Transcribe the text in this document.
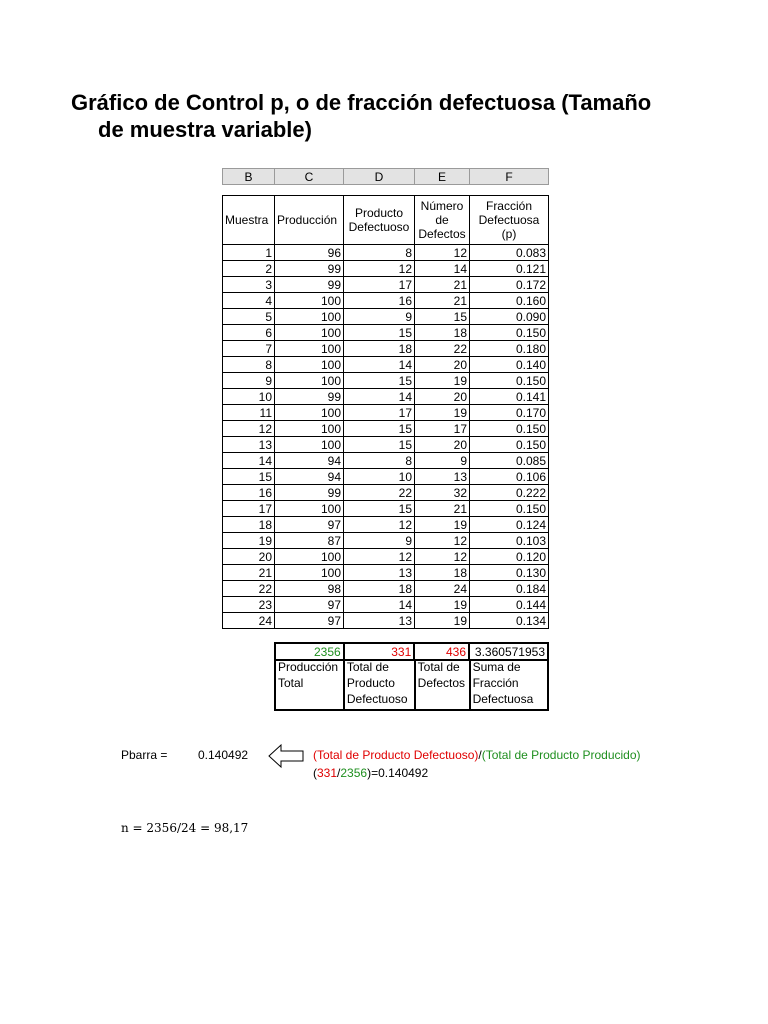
Gráfico de Control p, o de fracción defectuosa (Tamaño
de muestra variable)
B	C	D	E	F
Muestra	Producción	Producto Defectuoso	Número de Defectos	Fracción Defectuosa (p)
1	96	8	12	0.083
2	99	12	14	0.121
3	99	17	21	0.172
4	100	16	21	0.160
5	100	9	15	0.090
6	100	15	18	0.150
7	100	18	22	0.180
8	100	14	20	0.140
9	100	15	19	0.150
10	99	14	20	0.141
11	100	17	19	0.170
12	100	15	17	0.150
13	100	15	20	0.150
14	94	8	9	0.085
15	94	10	13	0.106
16	99	22	32	0.222
17	100	15	21	0.150
18	97	12	19	0.124
19	87	9	12	0.103
20	100	12	12	0.120
21	100	13	18	0.130
22	98	18	24	0.184
23	97	14	19	0.144
24	97	13	19	0.134
2356	331	436	3.360571953
Producción Total	Total de Producto Defectuoso	Total de Defectos	Suma de Fracción Defectuosa
Pbarra =	0.140492	(Total de Producto Defectuoso)/(Total de Producto Producido)
(331/2356)=0.140492
n = 2356/24 = 98,17
